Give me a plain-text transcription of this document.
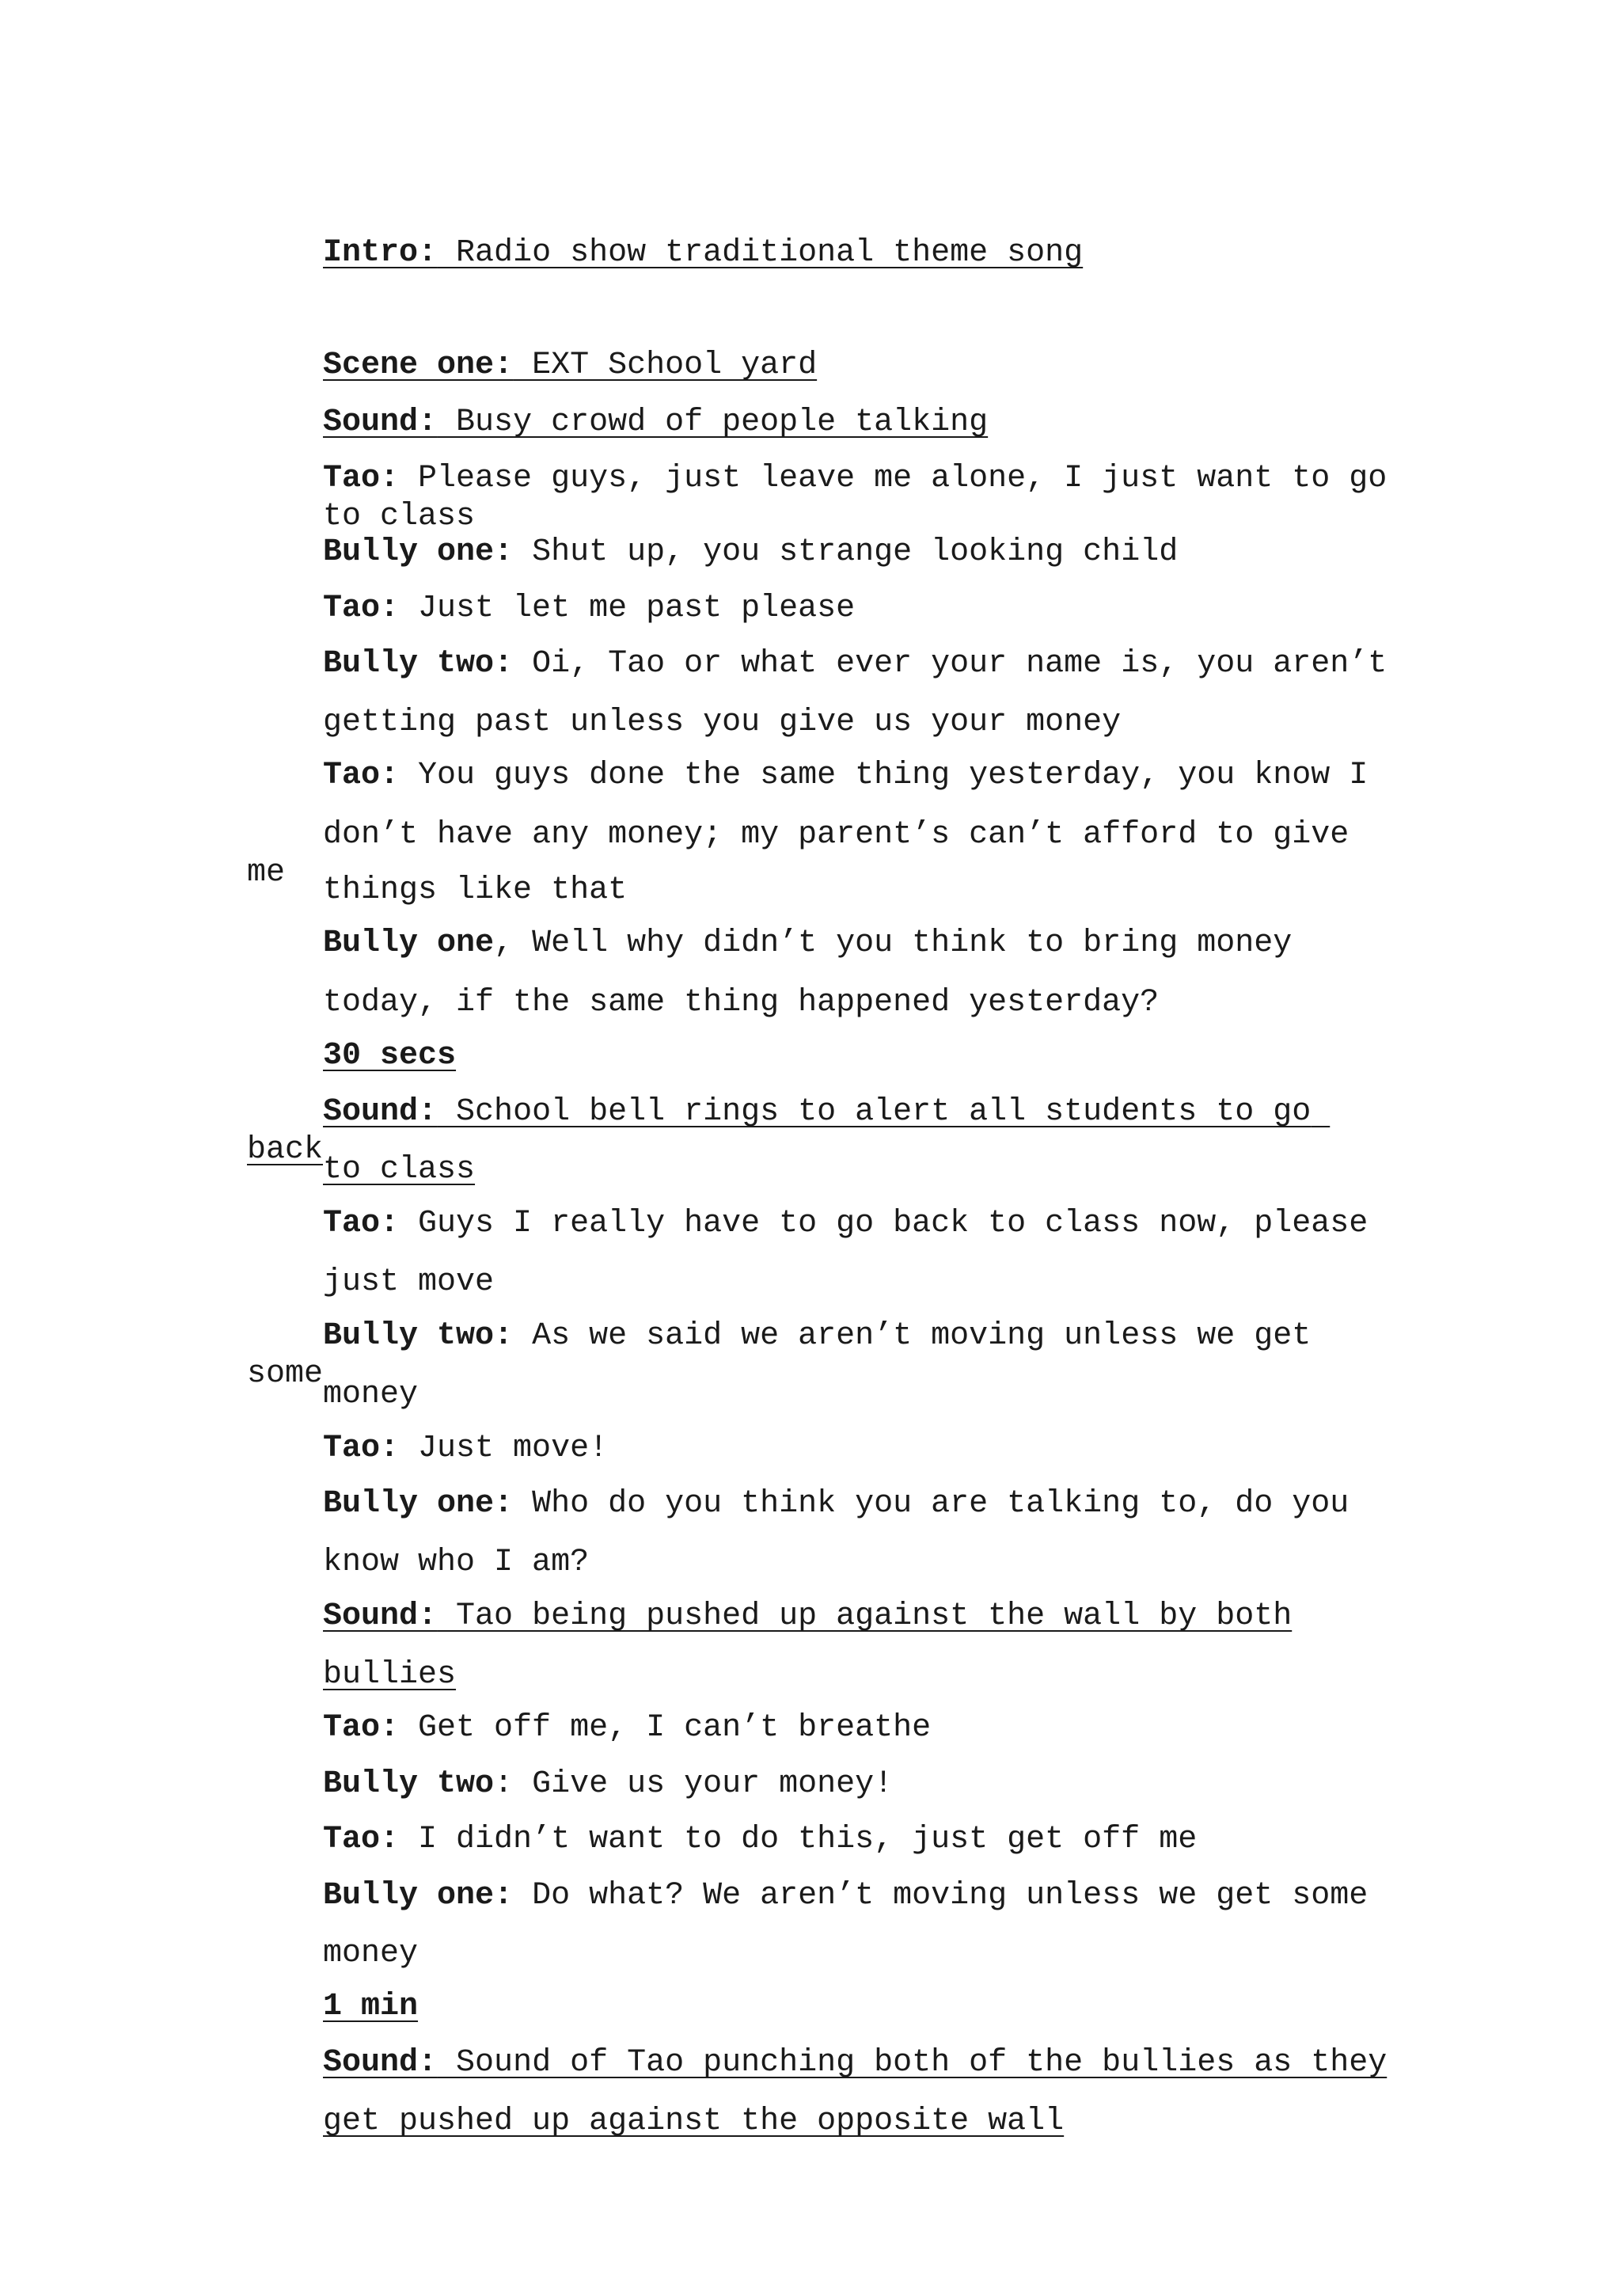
Intro: Radio show traditional theme song

Scene one: EXT School yard

Sound: Busy crowd of people talking

Tao: Please guys, just leave me alone, I just want to go

to class

Bully one: Shut up, you strange looking child

Tao: Just let me past please

Bully two: Oi, Tao or what ever your name is, you aren’t

getting past unless you give us your money

Tao: You guys done the same thing yesterday, you know I

don’t have any money; my parent’s can’t afford to give me
	things like that

Bully one, Well why didn’t you think to bring money

today, if the same thing happened yesterday?

30 secs

Sound: School bell rings to alert all students to go back

to class

Tao: Guys I really have to go back to class now, please

just move

Bully two: As we said we aren’t moving unless we get some

money

Tao: Just move!

Bully one: Who do you think you are talking to, do you

know who I am?

Sound: Tao being pushed up against the wall by both

bullies

Tao: Get off me, I can’t breathe

Bully two: Give us your money!

Tao: I didn’t want to do this, just get off me

Bully one: Do what? We aren’t moving unless we get some

money

1 min

Sound: Sound of Tao punching both of the bullies as they

get pushed up against the opposite wall
